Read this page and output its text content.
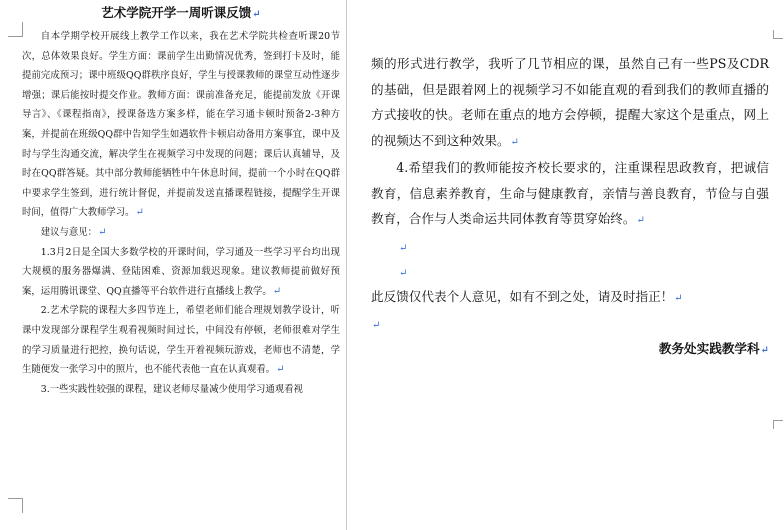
艺术学院开学一周听课反馈↵

自本学期学校开展线上教学工作以来，我在艺术学院共检查听课20节次，总体效果良好。学生方面：课前学生出勤情况优秀，签到打卡及时，能提前完成预习；课中班级QQ群秩序良好，学生与授课教师的课堂互动性逐步增强；课后能按时提交作业。教师方面：课前准备充足，能提前发放《开课导言》、《课程指南》，授课备选方案多样，能在学习通卡顿时预备2-3种方案，并提前在班级QQ群中告知学生如遇软件卡顿启动备用方案事宜，课中及时与学生沟通交流，解决学生在视频学习中发现的问题；课后认真辅导，及时在QQ群答疑。其中部分教师能牺牲中午休息时间，提前一个小时在QQ群中要求学生签到，进行统计督促，并提前发送直播课程链接，提醒学生开课时间，值得广大教师学习。↵

建议与意见：↵

1.3月2日是全国大多数学校的开课时间，学习通及一些学习平台均出现大规模的服务器爆满、登陆困难、资源加载迟现象。建议教师提前做好预案，运用腾讯课堂、QQ直播等平台软件进行直播线上教学。↵

2.艺术学院的课程大多四节连上，希望老师们能合理规划教学设计，听课中发现部分课程学生观看视频时间过长，中间没有停顿，老师很难对学生的学习质量进行把控，换句话说，学生开着视频玩游戏，老师也不清楚，学生随便发一张学习中的照片，也不能代表他一直在认真观看。↵

3.一些实践性较强的课程，建议老师尽量减少使用学习通观看视

频的形式进行教学，我听了几节相应的课，虽然自己有一些PS及CDR的基础，但是跟着网上的视频学习不如能直观的看到我们的教师直播的方式接收的快。老师在重点的地方会停顿，提醒大家这个是重点，网上的视频达不到这种效果。↵

4.希望我们的教师能按齐校长要求的，注重课程思政教育，把诚信教育，信息素养教育，生命与健康教育，亲情与善良教育，节俭与自强教育，合作与人类命运共同体教育等贯穿始终。↵

↵

↵

此反馈仅代表个人意见，如有不到之处，请及时指正！↵

↵

教务处实践教学科↵
